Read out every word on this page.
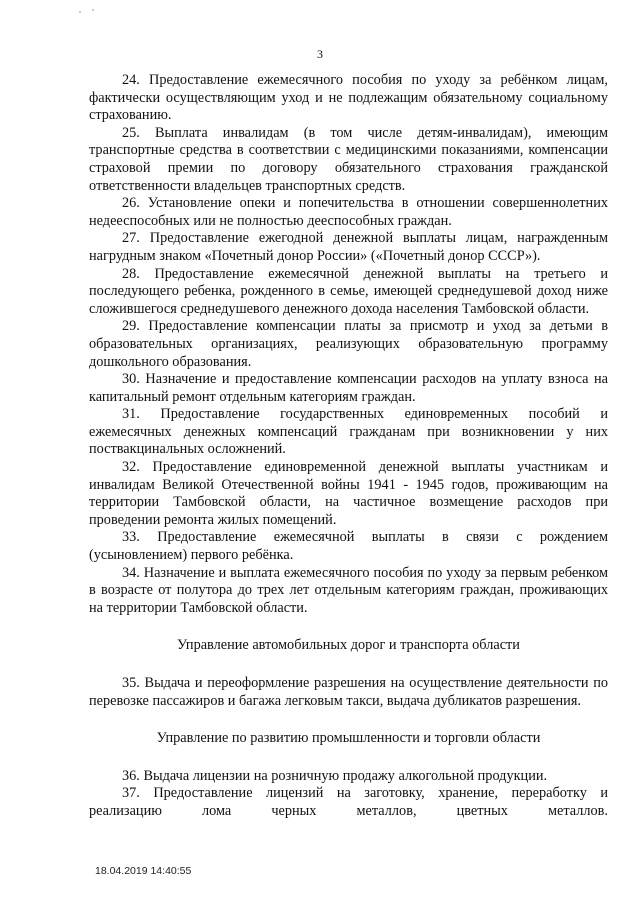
3

24. Предоставление ежемесячного пособия по уходу за ребёнком лицам, фактически осуществляющим уход и не подлежащим обязательному социальному страхованию.

25. Выплата инвалидам (в том числе детям-инвалидам), имеющим транспортные средства в соответствии с медицинскими показаниями, компенсации страховой премии по договору обязательного страхования гражданской ответственности владельцев транспортных средств.

26. Установление опеки и попечительства в отношении совершеннолетних недееспособных или не полностью дееспособных граждан.

27. Предоставление ежегодной денежной выплаты лицам, награжденным нагрудным знаком «Почетный донор России» («Почетный донор СССР»).

28. Предоставление ежемесячной денежной выплаты на третьего и последующего ребенка, рожденного в семье, имеющей среднедушевой доход ниже сложившегося среднедушевого денежного дохода населения Тамбовской области.

29. Предоставление компенсации платы за присмотр и уход за детьми в образовательных организациях, реализующих образовательную программу дошкольного образования.

30. Назначение и предоставление компенсации расходов на уплату взноса на капитальный ремонт отдельным категориям граждан.

31. Предоставление государственных единовременных пособий и ежемесячных денежных компенсаций гражданам при возникновении у них поствакцинальных осложнений.

32. Предоставление единовременной денежной выплаты участникам и инвалидам Великой Отечественной войны 1941 - 1945 годов, проживающим на территории Тамбовской области, на частичное возмещение расходов при проведении ремонта жилых помещений.

33. Предоставление ежемесячной выплаты в связи с рождением (усыновлением) первого ребёнка.

34. Назначение и выплата ежемесячного пособия по уходу за первым ребенком в возрасте от полутора до трех лет отдельным категориям граждан, проживающих на территории Тамбовской области.

Управление автомобильных дорог и транспорта области

35. Выдача и переоформление разрешения на осуществление деятельности по перевозке пассажиров и багажа легковым такси, выдача дубликатов разрешения.

Управление по развитию промышленности и торговли области

36. Выдача лицензии на розничную продажу алкогольной продукции.

37. Предоставление лицензий на заготовку, хранение, переработку и реализацию лома черных металлов, цветных металлов.

18.04.2019 14:40:55
